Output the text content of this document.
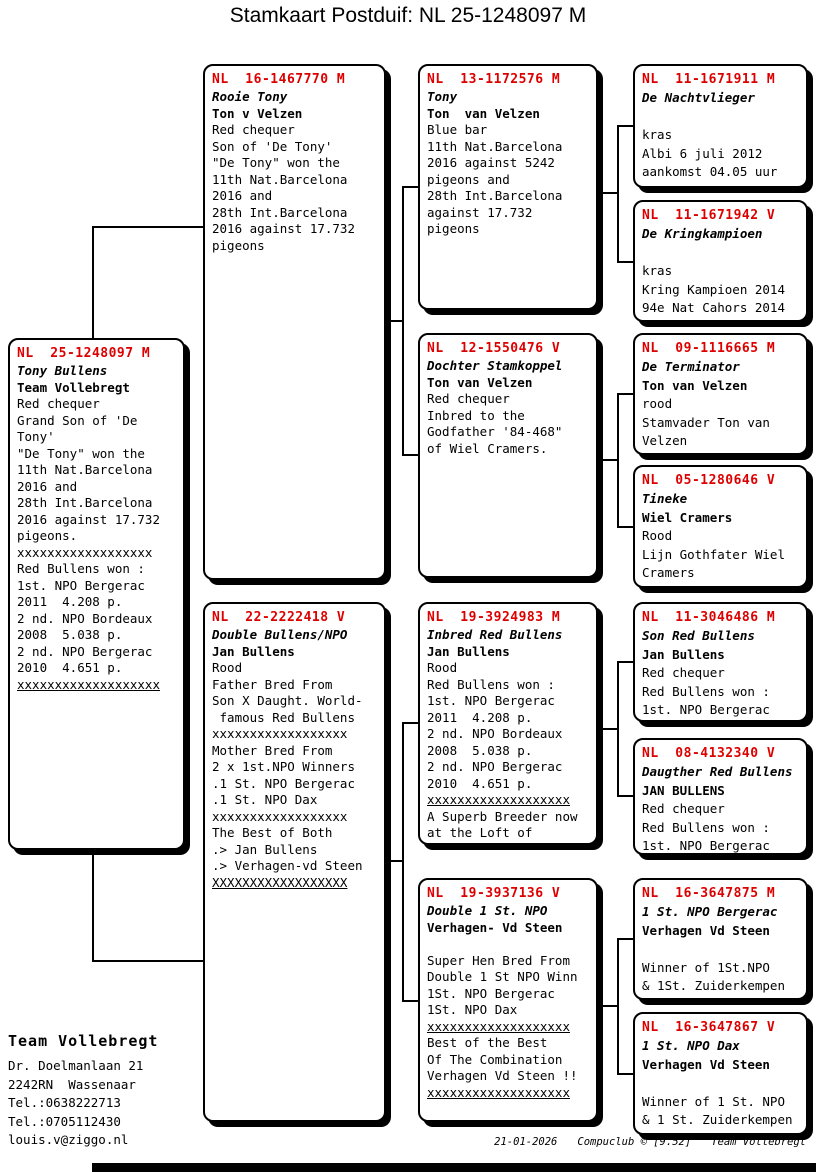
Stamkaart Postduif: NL 25-1248097 M
NL  25-1248097 M
Tony Bullens
Team Vollebregt
Red chequer
Grand Son of 'De
Tony'
"De Tony" won the
11th Nat.Barcelona
2016 and
28th Int.Barcelona
2016 against 17.732
pigeons.
xxxxxxxxxxxxxxxxxx
Red Bullens won :
1st. NPO Bergerac
2011  4.208 p.
2 nd. NPO Bordeaux
2008  5.038 p.
2 nd. NPO Bergerac
2010  4.651 p.
xxxxxxxxxxxxxxxxxxx
NL  16-1467770 M
Rooie Tony
Ton v Velzen
Red chequer
Son of 'De Tony'
"De Tony" won the
11th Nat.Barcelona
2016 and
28th Int.Barcelona
2016 against 17.732
pigeons
NL  22-2222418 V
Double Bullens/NPO
Jan Bullens
Rood
Father Bred From
Son X Daught. World-
famous Red Bullens
xxxxxxxxxxxxxxxxxx
Mother Bred From
2 x 1st.NPO Winners
.1 St. NPO Bergerac
.1 St. NPO Dax
xxxxxxxxxxxxxxxxxx
The Best of Both
.> Jan Bullens
.> Verhagen-vd Steen
XXXXXXXXXXXXXXXXXX
NL  13-1172576 M
Tony
Ton  van Velzen
Blue bar
11th Nat.Barcelona
2016 against 5242
pigeons and
28th Int.Barcelona
against 17.732
pigeons
NL  12-1550476 V
Dochter Stamkoppel
Ton van Velzen
Red chequer
Inbred to the
Godfather '84-468"
of Wiel Cramers.
NL  19-3924983 M
Inbred Red Bullens
Jan Bullens
Rood
Red Bullens won :
1st. NPO Bergerac
2011  4.208 p.
2 nd. NPO Bordeaux
2008  5.038 p.
2 nd. NPO Bergerac
2010  4.651 p.
xxxxxxxxxxxxxxxxxxx
A Superb Breeder now
at the Loft of
NL  19-3937136 V
Double 1 St. NPO
Verhagen- Vd Steen
Super Hen Bred From
Double 1 St NPO Winn
1St. NPO Bergerac
1St. NPO Dax
xxxxxxxxxxxxxxxxxxx
Best of the Best
Of The Combination
Verhagen Vd Steen !!
xxxxxxxxxxxxxxxxxxx
NL  11-1671911 M
De Nachtvlieger
kras
Albi 6 juli 2012
aankomst 04.05 uur
NL  11-1671942 V
De Kringkampioen
kras
Kring Kampioen 2014
94e Nat Cahors 2014
NL  09-1116665 M
De Terminator
Ton van Velzen
rood
Stamvader Ton van
Velzen
NL  05-1280646 V
Tineke
Wiel Cramers
Rood
Lijn Gothfater Wiel
Cramers
NL  11-3046486 M
Son Red Bullens
Jan Bullens
Red chequer
Red Bullens won :
1st. NPO Bergerac
NL  08-4132340 V
Daugther Red Bullens
JAN BULLENS
Red chequer
Red Bullens won :
1st. NPO Bergerac
NL  16-3647875 M
1 St. NPO Bergerac
Verhagen Vd Steen
Winner of 1St.NPO
& 1St. Zuiderkempen
NL  16-3647867 V
1 St. NPO Dax
Verhagen Vd Steen
Winner of 1 St. NPO
& 1 St. Zuiderkempen
Team Vollebregt
Dr. Doelmanlaan 21
2242RN  Wassenaar
Tel.:0638222713
Tel.:0705112430
louis.v@ziggo.nl	21-01-2026 Compuclub © [9.52] Team Vollebregt
